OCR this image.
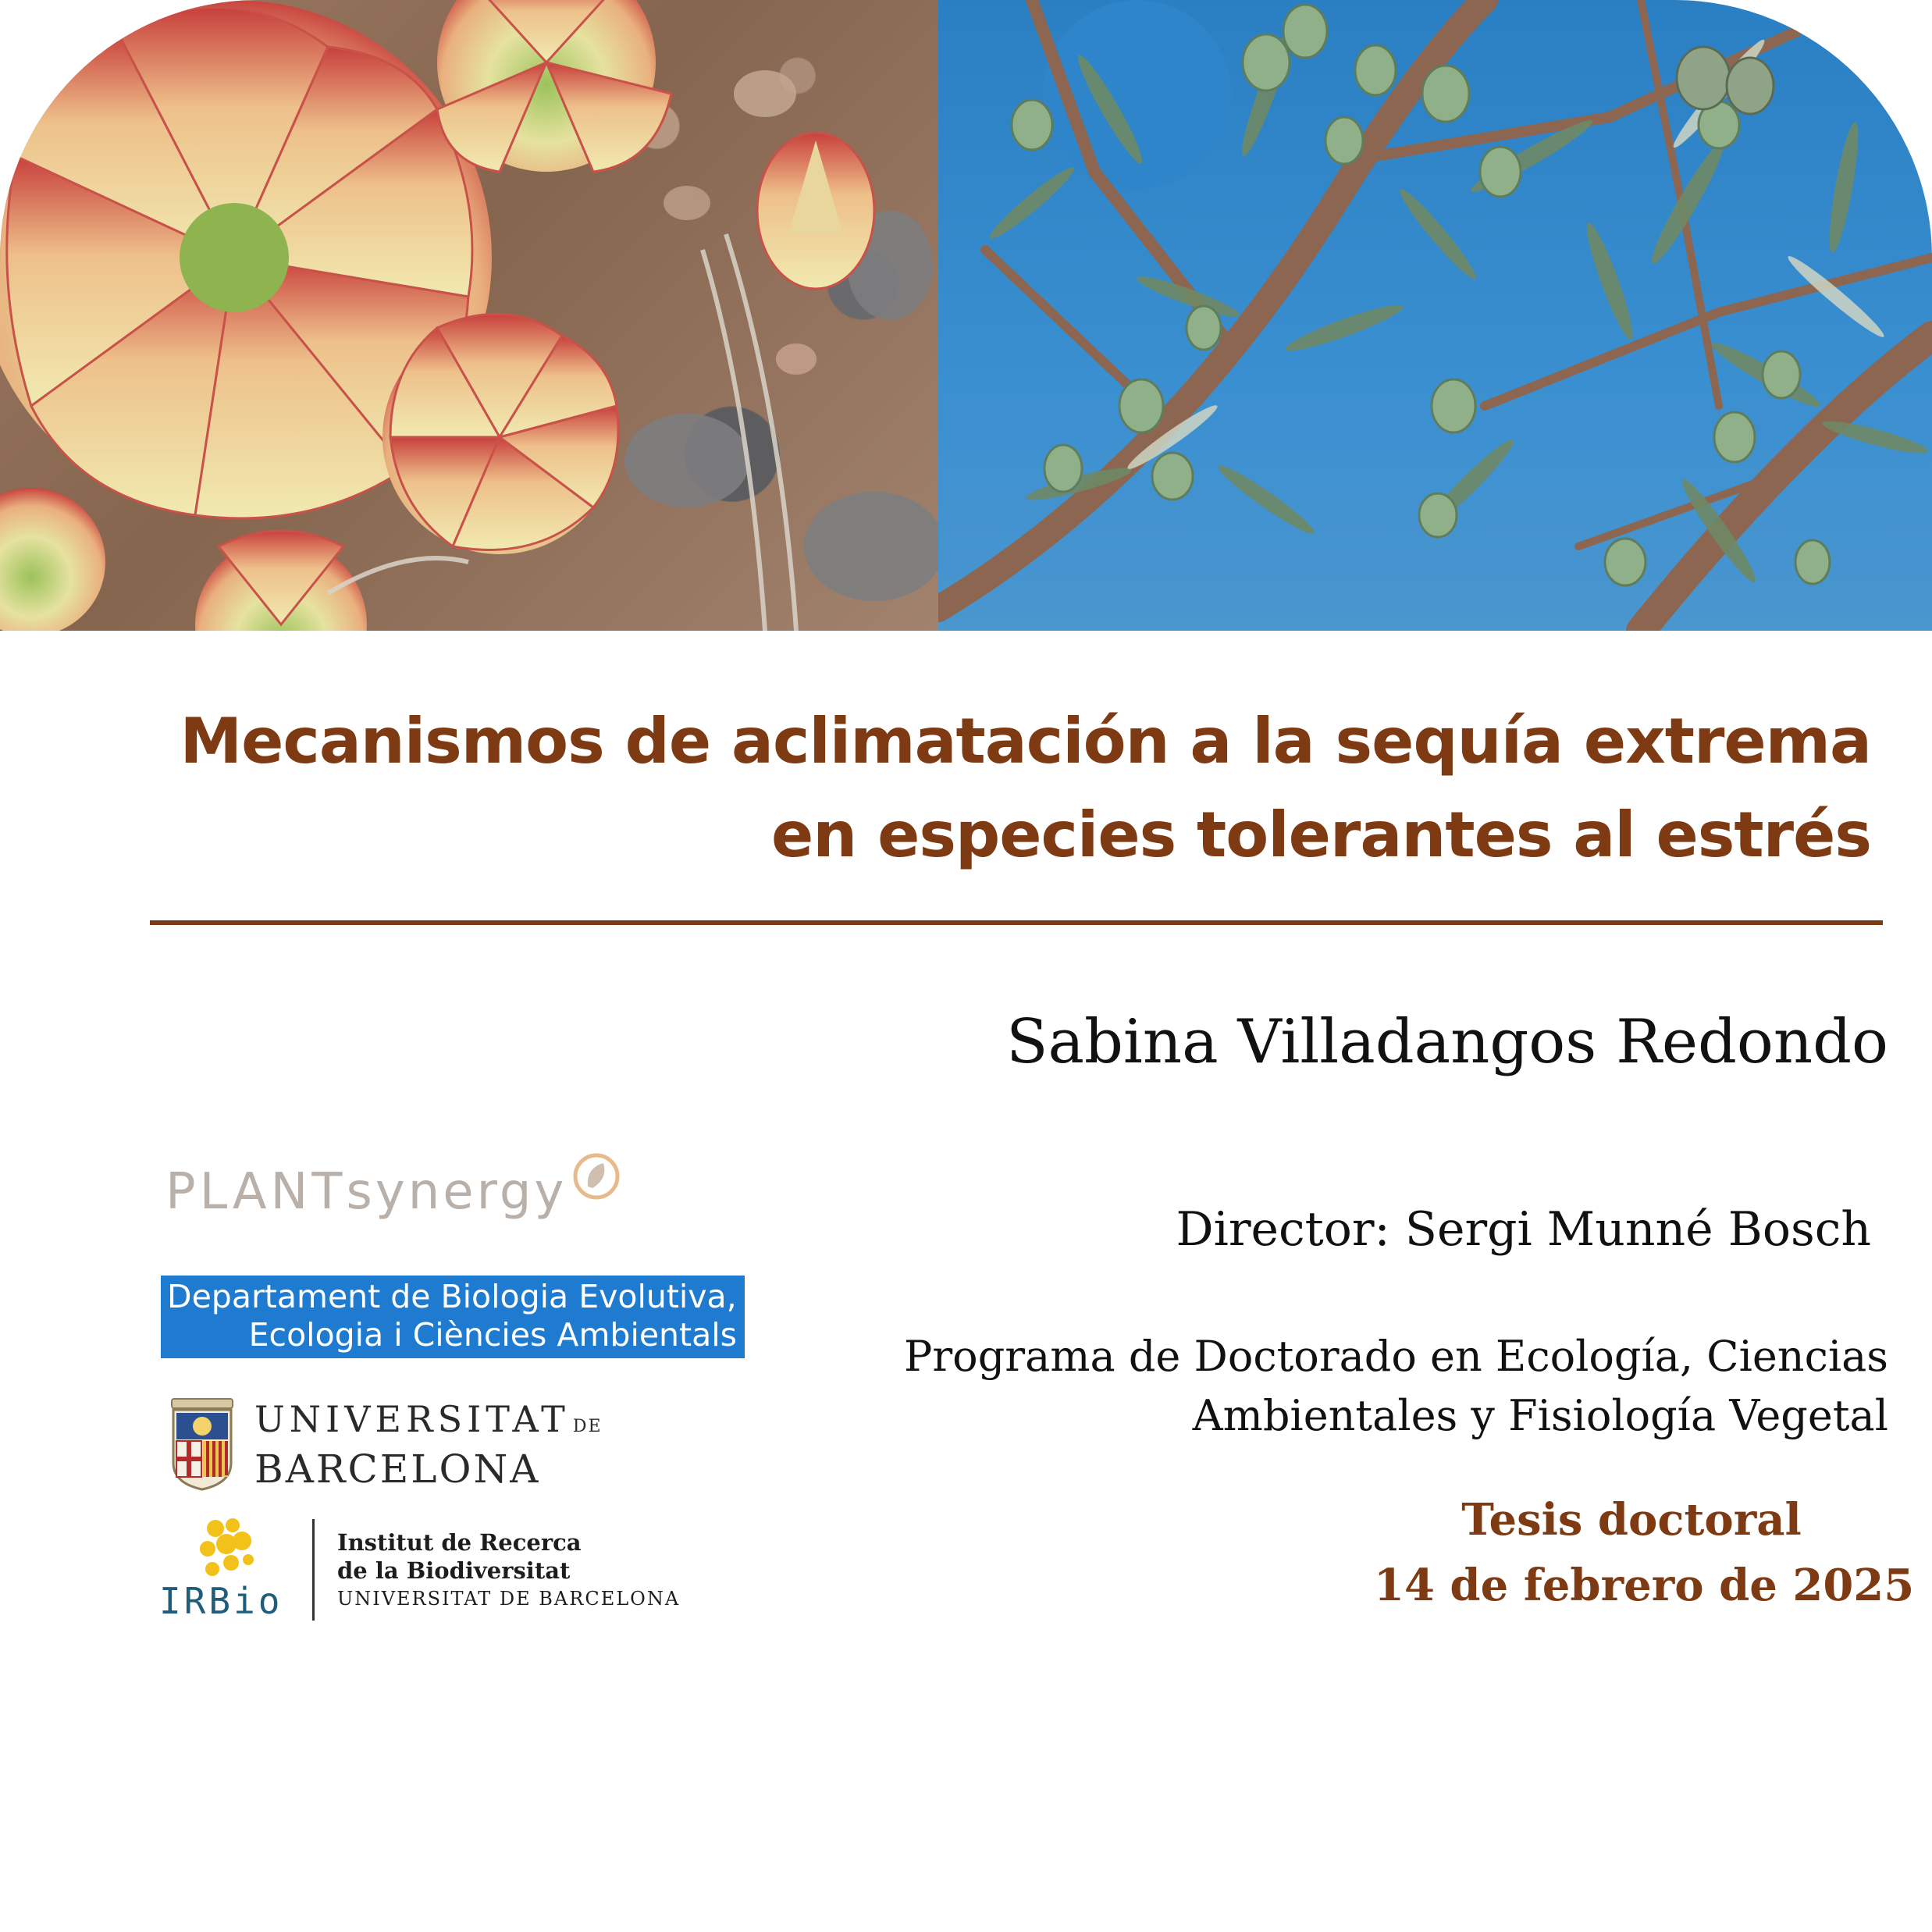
Mecanismos de aclimatación a la sequía extrema
en especies tolerantes al estrés
Sabina Villadangos Redondo
Director: Sergi Munné Bosch
Programa de Doctorado en Ecología, Ciencias
Ambientales y Fisiología Vegetal
Tesis doctoral
14 de febrero de 2025
PLANTsynergy
Departament de Biologia Evolutiva,
Ecologia i Ciències Ambientals
UNIVERSITAT DE
BARCELONA
IRBio
Institut de Recerca
de la Biodiversitat
UNIVERSITAT DE BARCELONA
